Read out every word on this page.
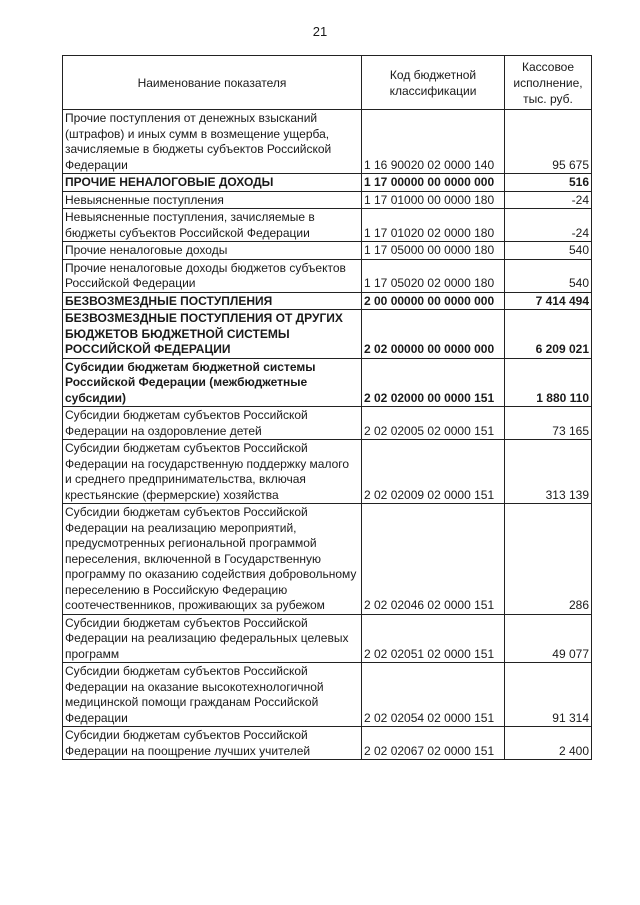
21
Наименование показателя	Код бюджетной классификации	Кассовое исполнение, тыс. руб.
Прочие поступления от денежных взысканий (штрафов) и иных сумм в возмещение ущерба, зачисляемые в бюджеты субъектов Российской Федерации	1 16 90020 02 0000 140	95 675
ПРОЧИЕ НЕНАЛОГОВЫЕ ДОХОДЫ	1 17 00000 00 0000 000	516
Невыясненные поступления	1 17 01000 00 0000 180	-24
Невыясненные поступления, зачисляемые в бюджеты субъектов Российской Федерации	1 17 01020 02 0000 180	-24
Прочие неналоговые доходы	1 17 05000 00 0000 180	540
Прочие неналоговые доходы бюджетов субъектов Российской Федерации	1 17 05020 02 0000 180	540
БЕЗВОЗМЕЗДНЫЕ ПОСТУПЛЕНИЯ	2 00 00000 00 0000 000	7 414 494
БЕЗВОЗМЕЗДНЫЕ ПОСТУПЛЕНИЯ ОТ ДРУГИХ БЮДЖЕТОВ БЮДЖЕТНОЙ СИСТЕМЫ РОССИЙСКОЙ ФЕДЕРАЦИИ	2 02 00000 00 0000 000	6 209 021
Субсидии бюджетам бюджетной системы Российской Федерации (межбюджетные субсидии)	2 02 02000 00 0000 151	1 880 110
Субсидии бюджетам субъектов Российской Федерации на оздоровление детей	2 02 02005 02 0000 151	73 165
Субсидии бюджетам субъектов Российской Федерации на государственную поддержку малого и среднего предпринимательства, включая крестьянские (фермерские) хозяйства	2 02 02009 02 0000 151	313 139
Субсидии бюджетам субъектов Российской Федерации на реализацию мероприятий, предусмотренных региональной программой переселения, включенной в Государственную программу по оказанию содействия добровольному переселению в Российскую Федерацию соотечественников, проживающих за рубежом	2 02 02046 02 0000 151	286
Субсидии бюджетам субъектов Российской Федерации на реализацию федеральных целевых программ	2 02 02051 02 0000 151	49 077
Субсидии бюджетам субъектов Российской Федерации на оказание высокотехнологичной медицинской помощи гражданам Российской Федерации	2 02 02054 02 0000 151	91 314
Субсидии бюджетам субъектов Российской Федерации на поощрение лучших учителей	2 02 02067 02 0000 151	2 400
